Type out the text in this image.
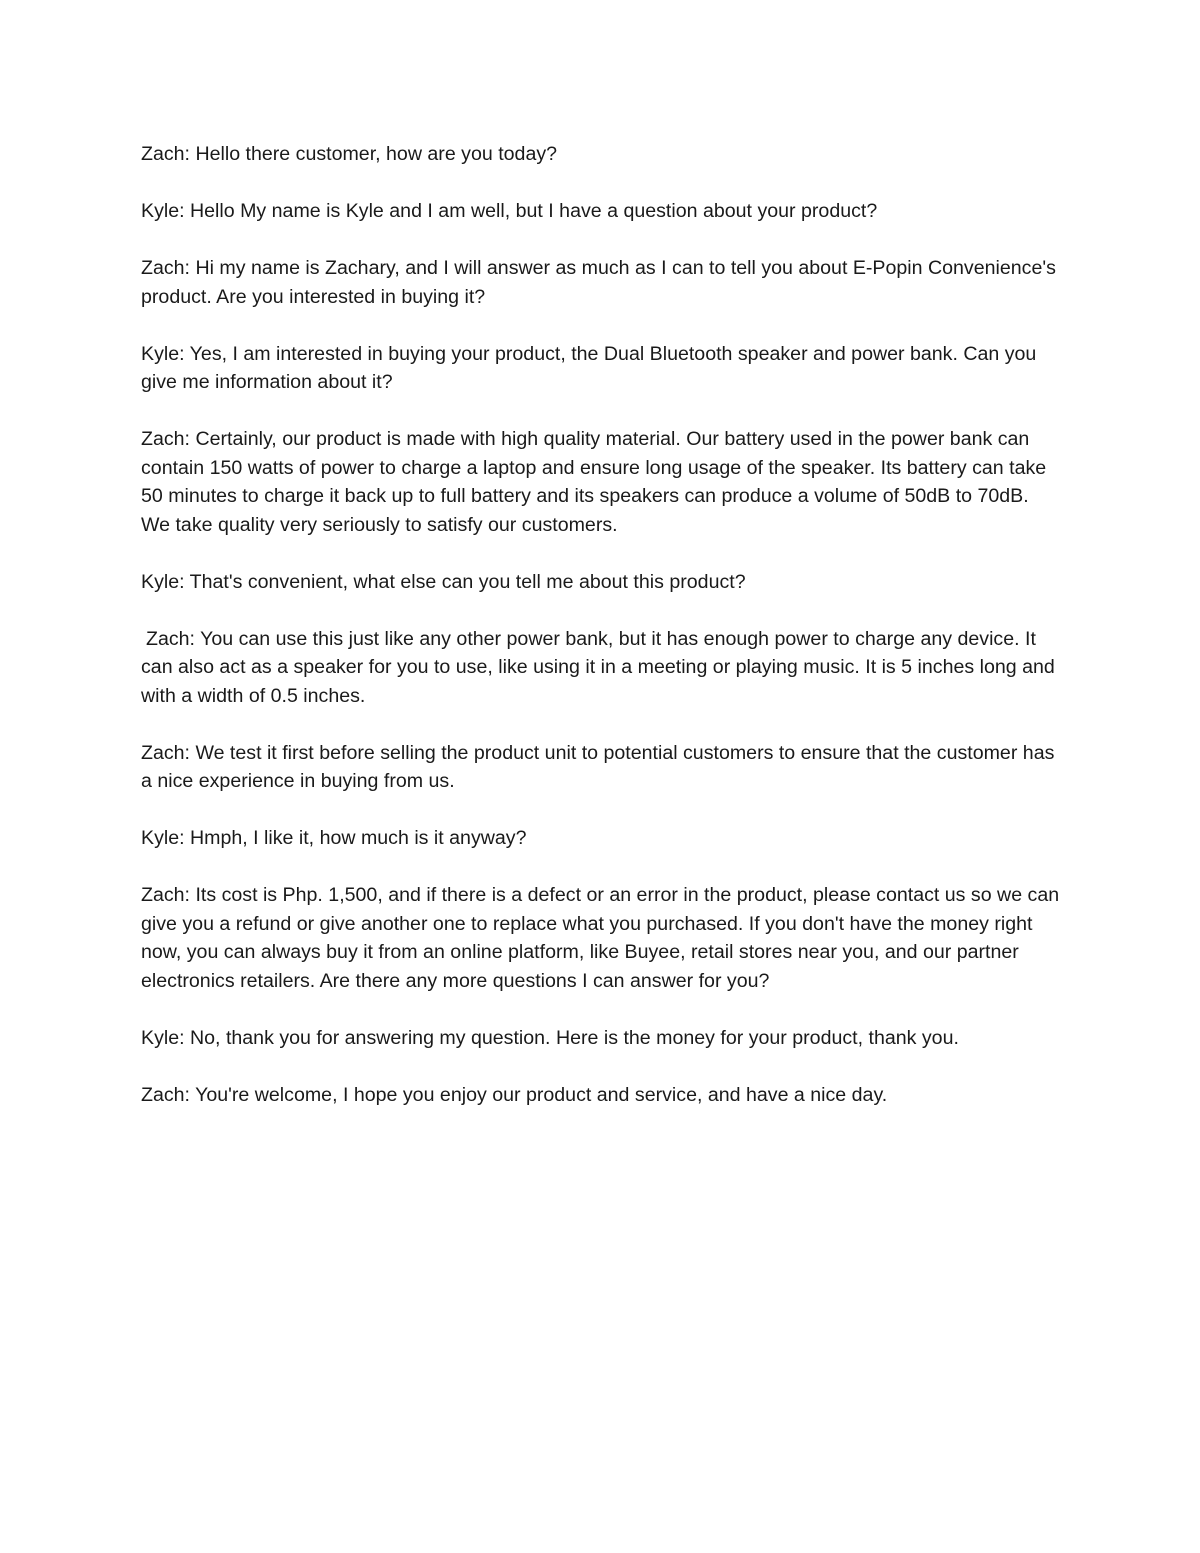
Zach: Hello there customer, how are you today?

Kyle: Hello My name is Kyle and I am well, but I have a question about your product?

Zach: Hi my name is Zachary, and I will answer as much as I can to tell you about E-Popin Convenience's product. Are you interested in buying it?

Kyle: Yes, I am interested in buying your product, the Dual Bluetooth speaker and power bank. Can you give me information about it?

Zach: Certainly, our product is made with high quality material. Our battery used in the power bank can contain 150 watts of power to charge a laptop and ensure long usage of the speaker. Its battery can take 50 minutes to charge it back up to full battery and its speakers can produce a volume of 50dB to 70dB. We take quality very seriously to satisfy our customers.

Kyle: That's convenient, what else can you tell me about this product?

Zach: You can use this just like any other power bank, but it has enough power to charge any device. It can also act as a speaker for you to use, like using it in a meeting or playing music. It is 5 inches long and with a width of 0.5 inches.

Zach: We test it first before selling the product unit to potential customers to ensure that the customer has a nice experience in buying from us.

Kyle: Hmph, I like it, how much is it anyway?

Zach: Its cost is Php. 1,500, and if there is a defect or an error in the product, please contact us so we can give you a refund or give another one to replace what you purchased. If you don't have the money right now, you can always buy it from an online platform, like Buyee, retail stores near you, and our partner electronics retailers. Are there any more questions I can answer for you?

Kyle: No, thank you for answering my question. Here is the money for your product, thank you.

Zach: You're welcome, I hope you enjoy our product and service, and have a nice day.
